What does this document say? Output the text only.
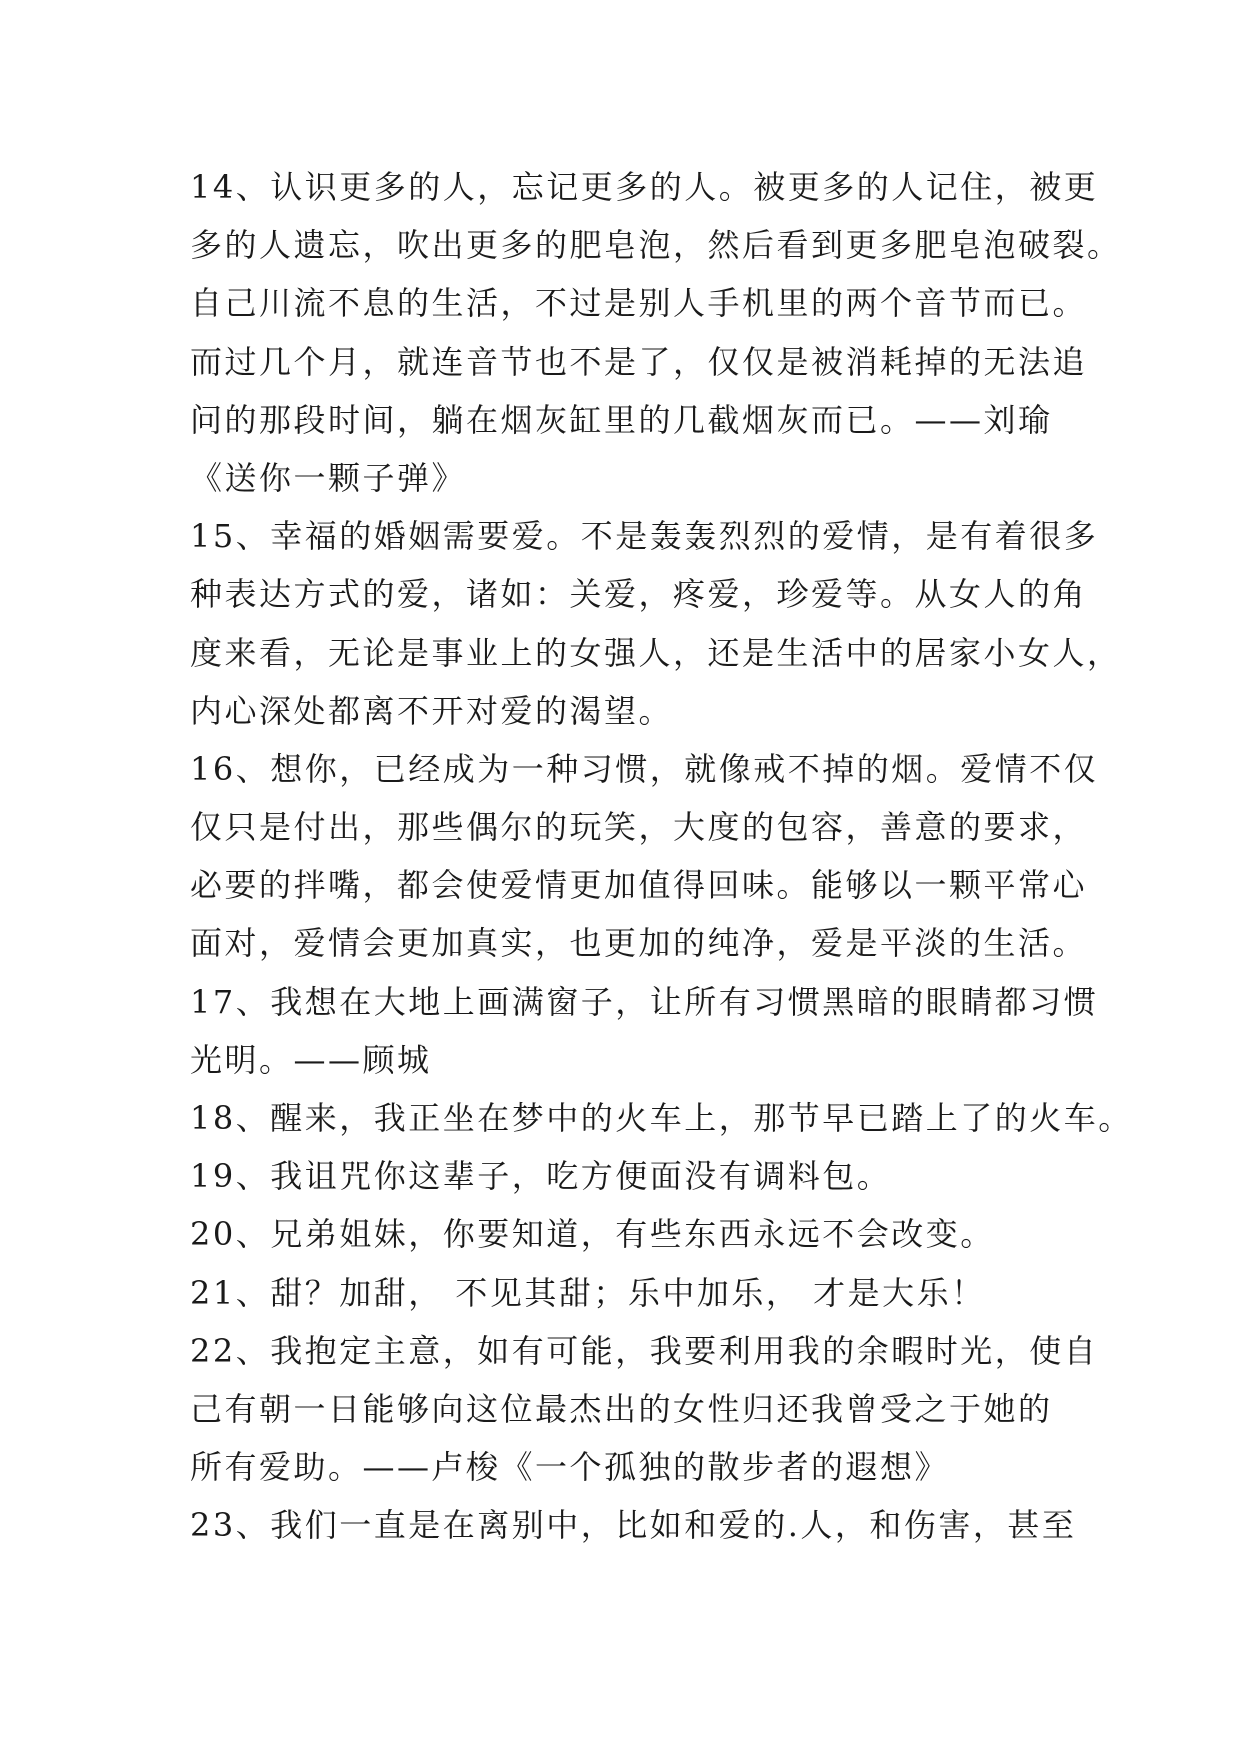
14、认识更多的人，忘记更多的人。被更多的人记住，被更
多的人遗忘，吹出更多的肥皂泡，然后看到更多肥皂泡破裂。
自己川流不息的生活，不过是别人手机里的两个音节而已。
而过几个月，就连音节也不是了，仅仅是被消耗掉的无法追
问的那段时间，躺在烟灰缸里的几截烟灰而已。——刘瑜
《送你一颗子弹》
15、幸福的婚姻需要爱。不是轰轰烈烈的爱情，是有着很多
种表达方式的爱，诸如：关爱，疼爱，珍爱等。从女人的角
度来看，无论是事业上的女强人，还是生活中的居家小女人，
内心深处都离不开对爱的渴望。
16、想你，已经成为一种习惯，就像戒不掉的烟。爱情不仅
仅只是付出，那些偶尔的玩笑，大度的包容，善意的要求，
必要的拌嘴，都会使爱情更加值得回味。能够以一颗平常心
面对，爱情会更加真实，也更加的纯净，爱是平淡的生活。
17、我想在大地上画满窗子，让所有习惯黑暗的眼睛都习惯
光明。——顾城
18、醒来，我正坐在梦中的火车上，那节早已踏上了的火车。
19、我诅咒你这辈子，吃方便面没有调料包。
20、兄弟姐妹，你要知道，有些东西永远不会改变。
21、甜？加甜， 不见其甜；乐中加乐， 才是大乐！
22、我抱定主意，如有可能，我要利用我的余暇时光，使自
己有朝一日能够向这位最杰出的女性归还我曾受之于她的
所有爱助。——卢梭《一个孤独的散步者的遐想》
23、我们一直是在离别中，比如和爱的.人，和伤害，甚至
